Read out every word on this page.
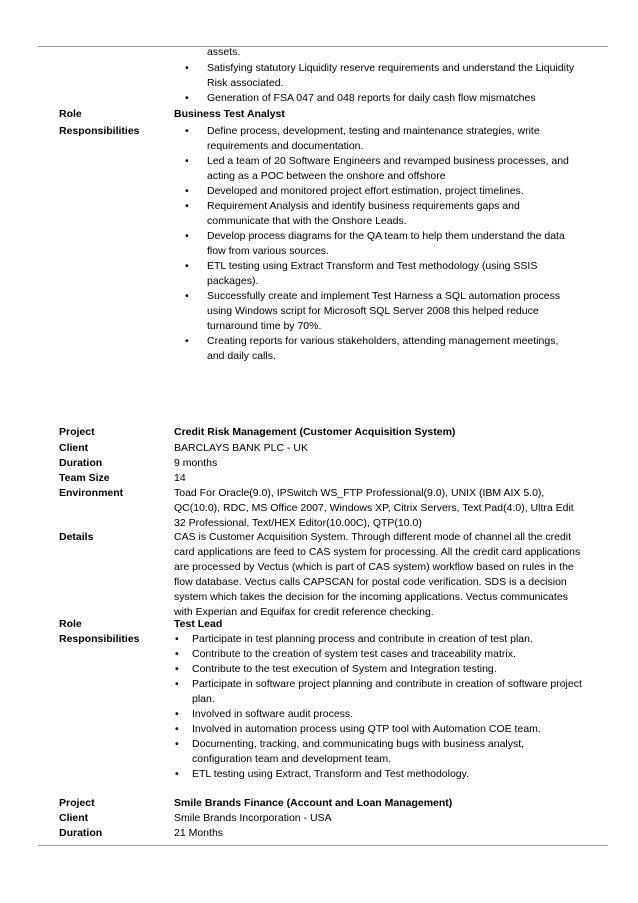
assets.
• Satisfying statutory Liquidity reserve requirements and understand the Liquidity Risk associated.
• Generation of FSA 047 and 048 reports for daily cash flow mismatches
Role	Business Test Analyst
Responsibilities	• Define process, development, testing and maintenance strategies, write requirements and documentation.
• Led a team of 20 Software Engineers and revamped business processes, and acting as a POC between the onshore and offshore
• Developed and monitored project effort estimation, project timelines.
• Requirement Analysis and identify business requirements gaps and communicate that with the Onshore Leads.
• Develop process diagrams for the QA team to help them understand the data flow from various sources.
• ETL testing using Extract Transform and Test methodology (using SSIS packages).
• Successfully create and implement Test Harness a SQL automation process using Windows script for Microsoft SQL Server 2008 this helped reduce turnaround time by 70%.
• Creating reports for various stakeholders, attending management meetings, and daily calls.
Project	Credit Risk Management (Customer Acquisition System)
Client	BARCLAYS BANK PLC - UK
Duration	9 months
Team Size	14
Environment	Toad For Oracle(9.0), IPSwitch WS_FTP Professional(9.0), UNIX (IBM AIX 5.0), QC(10.0), RDC, MS Office 2007, Windows XP, Citrix Servers, Text Pad(4.0), Ultra Edit 32 Professional, Text/HEX Editor(10.00C), QTP(10.0)
Details	CAS is Customer Acquisition System. Through different mode of channel all the credit card applications are feed to CAS system for processing. All the credit card applications are processed by Vectus (which is part of CAS system) workflow based on rules in the flow database. Vectus calls CAPSCAN for postal code verification. SDS is a decision system which takes the decision for the incoming applications. Vectus communicates with Experian and Equifax for credit reference checking.
Role	Test Lead
Responsibilities	• Participate in test planning process and contribute in creation of test plan.
• Contribute to the creation of system test cases and traceability matrix.
• Contribute to the test execution of System and Integration testing.
• Participate in software project planning and contribute in creation of software project plan.
• Involved in software audit process.
• Involved in automation process using QTP tool with Automation COE team.
• Documenting, tracking, and communicating bugs with business analyst, configuration team and development team.
• ETL testing using Extract, Transform and Test methodology.
Project	Smile Brands Finance (Account and Loan Management)
Client	Smile Brands Incorporation - USA
Duration	21 Months
